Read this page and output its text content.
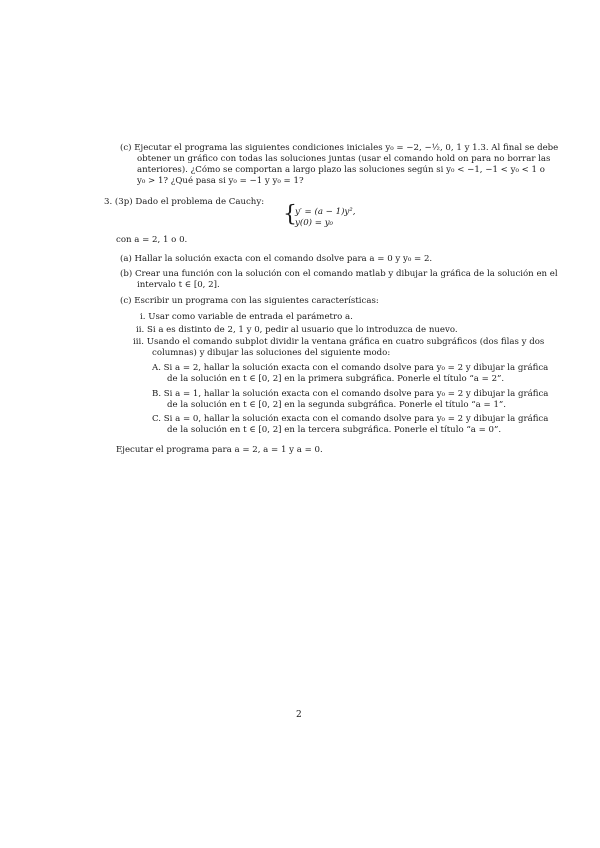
(c) Ejecutar el programa las siguientes condiciones iniciales y₀ = −2, −½, 0, 1 y 1.3. Al final se debe
obtener un gráfico con todas las soluciones juntas (usar el comando hold on para no borrar las
anteriores). ¿Cómo se comportan a largo plazo las soluciones según si y₀ < −1, −1 < y₀ < 1 o
y₀ > 1? ¿Qué pasa si y₀ = −1 y y₀ = 1?
3. (3p) Dado el problema de Cauchy: {
y′ = (a − 1)y²,
y(0) = y₀
con a = 2, 1 o 0.
(a) Hallar la solución exacta con el comando dsolve para a = 0 y y₀ = 2.
(b) Crear una función con la solución con el comando matlab y dibujar la gráfica de la solución en el
intervalo t ∈ [0, 2].
(c) Escribir un programa con las siguientes características:
i. Usar como variable de entrada el parámetro a.
ii. Si a es distinto de 2, 1 y 0, pedir al usuario que lo introduzca de nuevo.
iii. Usando el comando subplot dividir la ventana gráfica en cuatro subgráficos (dos filas y dos
columnas) y dibujar las soluciones del siguiente modo:
A. Si a = 2, hallar la solución exacta con el comando dsolve para y₀ = 2 y dibujar la gráfica
de la solución en t ∈ [0, 2] en la primera subgráfica. Ponerle el título “a = 2”.
B. Si a = 1, hallar la solución exacta con el comando dsolve para y₀ = 2 y dibujar la gráfica
de la solución en t ∈ [0, 2] en la segunda subgráfica. Ponerle el título “a = 1”.
C. Si a = 0, hallar la solución exacta con el comando dsolve para y₀ = 2 y dibujar la gráfica
de la solución en t ∈ [0, 2] en la tercera subgráfica. Ponerle el título “a = 0”.
Ejecutar el programa para a = 2, a = 1 y a = 0.
2
